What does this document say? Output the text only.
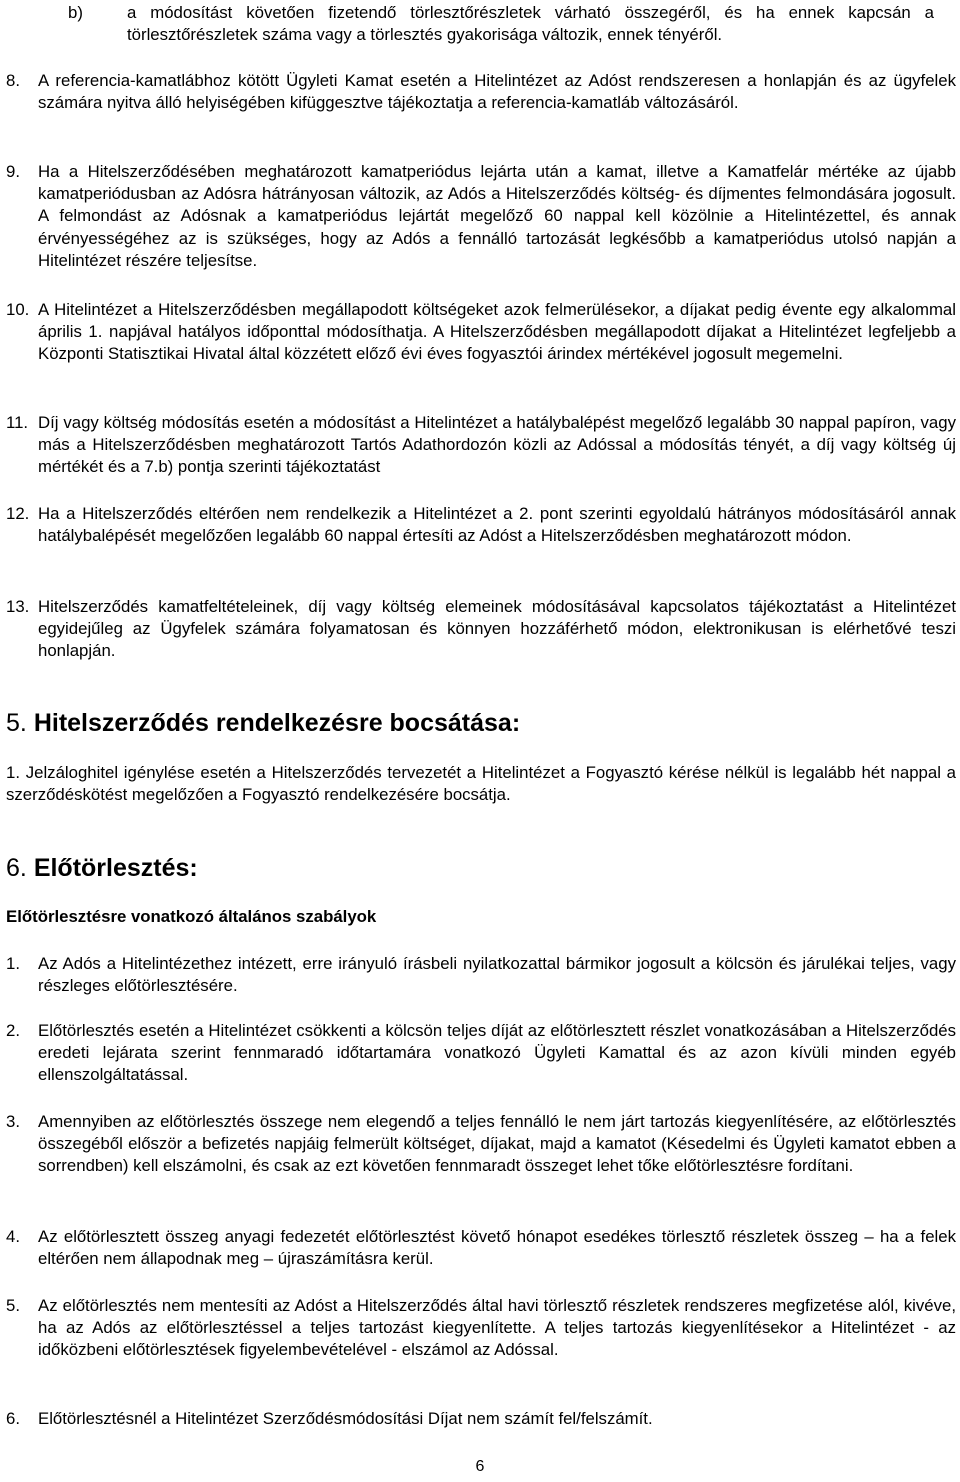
b)	a módosítást követően fizetendő törlesztőrészletek várható összegéről, és ha ennek kapcsán a törlesztőrészletek száma vagy a törlesztés gyakorisága változik, ennek tényéről.
8. A referencia-kamatlábhoz kötött Ügyleti Kamat esetén a Hitelintézet az Adóst rendszeresen a honlapján és az ügyfelek számára nyitva álló helyiségében kifüggesztve tájékoztatja a referencia-kamatláb változásáról.
9. Ha a Hitelszerződésében meghatározott kamatperiódus lejárta után a kamat, illetve a Kamatfelár mértéke az újabb kamatperiódusban az Adósra hátrányosan változik, az Adós a Hitelszerződés költség- és díjmentes felmondására jogosult. A felmondást az Adósnak a kamatperiódus lejártát megelőző 60 nappal kell közölnie a Hitelintézettel, és annak érvényességéhez az is szükséges, hogy az Adós a fennálló tartozását legkésőbb a kamatperiódus utolsó napján a Hitelintézet részére teljesítse.
10. A Hitelintézet a Hitelszerződésben megállapodott költségeket azok felmerülésekor, a díjakat pedig évente egy alkalommal április 1. napjával hatályos időponttal módosíthatja. A Hitelszerződésben megállapodott díjakat a Hitelintézet legfeljebb a Központi Statisztikai Hivatal által közzétett előző évi éves fogyasztói árindex mértékével jogosult megemelni.
11. Díj vagy költség módosítás esetén a módosítást a Hitelintézet a hatálybalépést megelőző legalább 30 nappal papíron, vagy más a Hitelszerződésben meghatározott Tartós Adathordozón közli az Adóssal a módosítás tényét, a díj vagy költség új mértékét és a 7.b) pontja szerinti tájékoztatást
12. Ha a Hitelszerződés eltérően nem rendelkezik a Hitelintézet a 2. pont szerinti egyoldalú hátrányos módosításáról annak hatálybalépését megelőzően legalább 60 nappal értesíti az Adóst a Hitelszerződésben meghatározott módon.
13. Hitelszerződés kamatfeltételeinek, díj vagy költség elemeinek módosításával kapcsolatos tájékoztatást a Hitelintézet egyidejűleg az Ügyfelek számára folyamatosan és könnyen hozzáférhető módon, elektronikusan is elérhetővé teszi honlapján.
5. Hitelszerződés rendelkezésre bocsátása:
1. Jelzáloghitel igénylése esetén a Hitelszerződés tervezetét a Hitelintézet a Fogyasztó kérése nélkül is legalább hét nappal a szerződéskötést megelőzően a Fogyasztó rendelkezésére bocsátja.
6. Előtörlesztés:
Előtörlesztésre vonatkozó általános szabályok
1. Az Adós a Hitelintézethez intézett, erre irányuló írásbeli nyilatkozattal bármikor jogosult a kölcsön és járulékai teljes, vagy részleges előtörlesztésére.
2. Előtörlesztés esetén a Hitelintézet csökkenti a kölcsön teljes díját az előtörlesztett részlet vonatkozásában a Hitelszerződés eredeti lejárata szerint fennmaradó időtartamára vonatkozó Ügyleti Kamattal és az azon kívüli minden egyéb ellenszolgáltatással.
3. Amennyiben az előtörlesztés összege nem elegendő a teljes fennálló le nem járt tartozás kiegyenlítésére, az előtörlesztés összegéből először a befizetés napjáig felmerült költséget, díjakat, majd a kamatot (Késedelmi és Ügyleti kamatot ebben a sorrendben) kell elszámolni, és csak az ezt követően fennmaradt összeget lehet tőke előtörlesztésre fordítani.
4. Az előtörlesztett összeg anyagi fedezetét előtörlesztést követő hónapot esedékes törlesztő részletek összeg – ha a felek eltérően nem állapodnak meg – újraszámításra kerül.
5. Az előtörlesztés nem mentesíti az Adóst a Hitelszerződés által havi törlesztő részletek rendszeres megfizetése alól, kivéve, ha az Adós az előtörlesztéssel a teljes tartozást kiegyenlítette. A teljes tartozás kiegyenlítésekor a Hitelintézet - az időközbeni előtörlesztések figyelembevételével - elszámol az Adóssal.
6. Előtörlesztésnél a Hitelintézet Szerződésmódosítási Díjat nem számít fel/felszámít.
6
